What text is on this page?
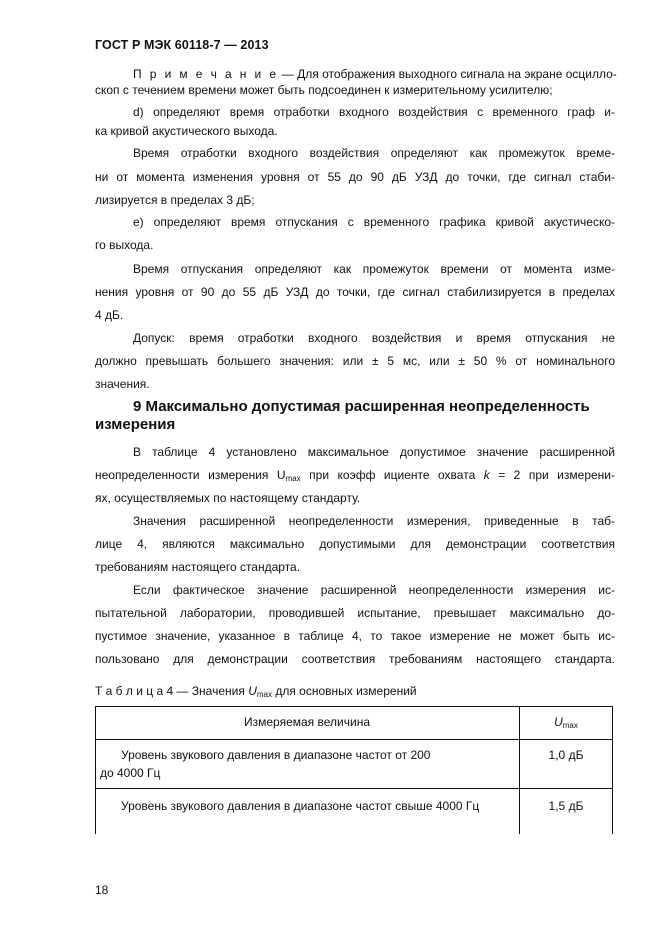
ГОСТ Р МЭК 60118-7 — 2013
П р и м е ч а н и е — Для отображения выходного сигнала на экране осцилло-
скоп с течением времени может быть подсоединен к измерительному усилителю;
d) определяют время отработки входного воздействия с временного граф и-
ка кривой акустического выхода.
Время отработки входного воздействия определяют как промежуток време-
ни от момента изменения уровня от 55 до 90 дБ УЗД до точки, где сигнал стаби-
лизируется в пределах 3 дБ;
е) определяют время отпускания с временного графика кривой акустическо-
го выхода.
Время отпускания определяют как промежуток времени от момента изме-
нения уровня от 90 до 55 дБ УЗД до точки, где сигнал стабилизируется в пределах
4 дБ.
Допуск: время отработки входного воздействия и время отпускания не
должно превышать большего значения: или ± 5 мс, или ± 50 % от номинального
значения.
9 Максимально допустимая расширенная неопределенность
измерения
В таблице 4 установлено максимальное допустимое значение расширенной
неопределенности измерения $U_{max}$ при коэфф ициенте охвата k = 2 при измерени-
ях, осуществляемых по настоящему стандарту.
Значения расширенной неопределенности измерения, приведенные в таб-
лице 4, являются максимально допустимыми для демонстрации соответствия
требованиям настоящего стандарта.
Если фактическое значение расширенной неопределенности измерения ис-
пытательной лаборатории, проводившей испытание, превышает максимально до-
пустимое значение, указанное в таблице 4, то такое измерение не может быть ис-
пользовано для демонстрации соответствия требованиям настоящего стандарта.
Т а б л и ц а 4 — Значения $U_{max}$ для основных измерений
Измеряемая величина	$U_{max}$
Уровень звукового давления в диапазоне частот от 200
до 4000 Гц
1,0 дБ
Уровень звукового давления в диапазоне частот свыше 4000 Гц	1,5 дБ
18
